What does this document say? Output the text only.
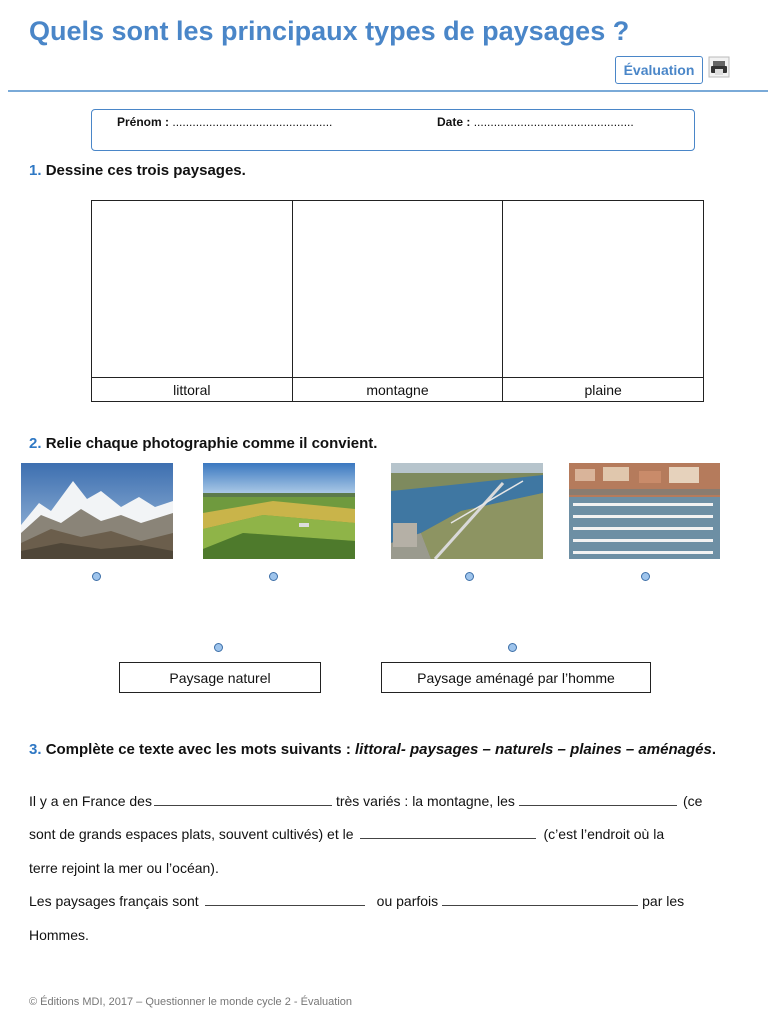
Quels sont les principaux types de paysages ?
Évaluation
Prénom : ................................................	Date : ................................................
1. Dessine ces trois paysages.

littoral	montagne	plaine
2. Relie chaque photographie comme il convient.
Paysage naturel	Paysage aménagé par l’homme
3. Complète ce texte avec les mots suivants : littoral- paysages – naturels – plaines – aménagés.
Il y a en France des	très variés : la montagne, les	(ce
sont de grands espaces plats, souvent cultivés) et le	(c’est l’endroit où la
terre rejoint la mer ou l’océan).
Les paysages français sont	ou parfois	par les
Hommes.
© Éditions MDI, 2017 – Questionner le monde cycle 2 - Évaluation
